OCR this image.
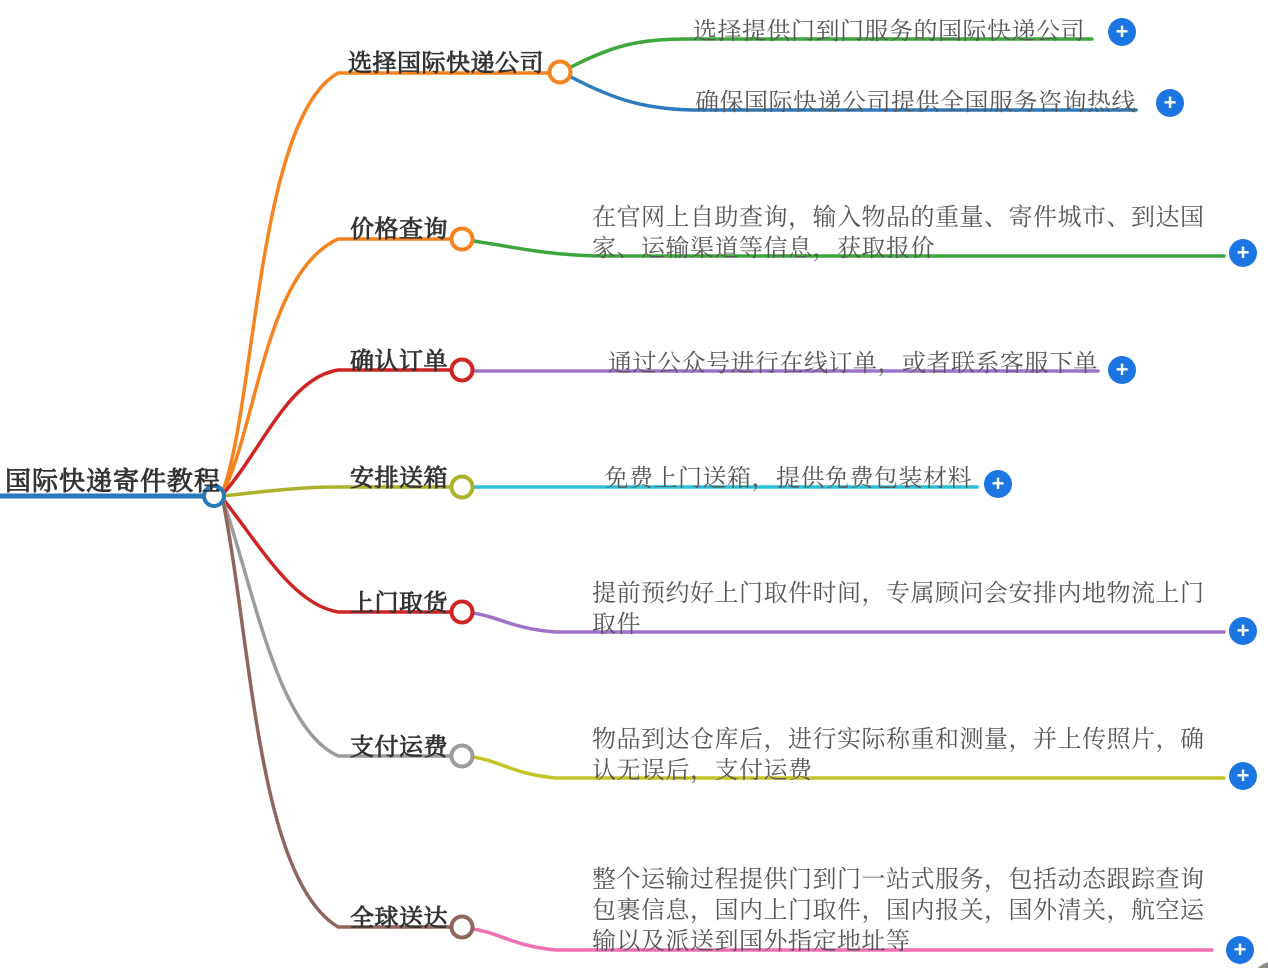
国际快递寄件教程
选择国际快递公司
价格查询
确认订单
安排送箱
上门取货
支付运费
全球送达
选择提供门到门服务的国际快递公司
确保国际快递公司提供全国服务咨询热线
通过公众号进行在线订单，或者联系客服下单
免费上门送箱，提供免费包装材料
在官网上自助查询，输入物品的重量、寄件城市、到达国家、运输渠道等信息，获取报价
提前预约好上门取件时间，专属顾问会安排内地物流上门取件
物品到达仓库后，进行实际称重和测量，并上传照片，确认无误后，支付运费
整个运输过程提供门到门一站式服务，包括动态跟踪查询包裹信息，国内上门取件，国内报关，国外清关，航空运输以及派送到国外指定地址等
+
+
+
+
+
+
+
+
